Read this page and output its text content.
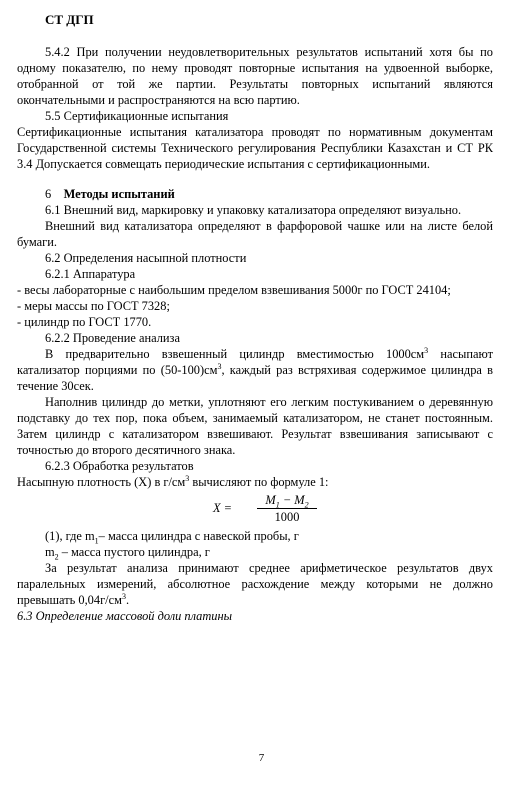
СТ ДГП

5.4.2 При получении неудовлетворительных результатов испытаний хотя бы по одному показателю, по нему проводят повторные испытания на удвоенной выборке, отобранной от той же партии. Результаты повторных испытаний являются окончательными и распространяются на всю партию.

5.5 Сертификационные испытания

Сертификационные испытания катализатора проводят по нормативным документам Государственной системы Технического регулирования Республики Казахстан и СТ РК 3.4 Допускается совмещать периодические испытания с сертификационными.

6 Методы испытаний

6.1 Внешний вид, маркировку и упаковку катализатора определяют визуально.

Внешний вид катализатора определяют в фарфоровой чашке или на листе белой бумаги.

6.2 Определения насыпной плотности

6.2.1 Аппаратура

- весы лабораторные с наибольшим пределом взвешивания 5000г по ГОСТ 24104;

- меры массы по ГОСТ 7328;

- цилиндр по ГОСТ 1770.

6.2.2 Проведение анализа

В предварительно взвешенный цилиндр вместимостью $1000см^3$ насыпают катализатор порциями по $(50-100)см^3$, каждый раз встряхивая содержимое цилиндра в течение 30сек.

Наполнив цилиндр до метки, уплотняют его легким постукиванием о деревянную подставку до тех пор, пока объем, занимаемый катализатором, не станет постоянным. Затем цилиндр с катализатором взвешивают. Результат взвешивания записывают с точностью до второго десятичного знака.

6.2.3 Обработка результатов

Насыпную плотность (X) в $г/см^3$ вычисляют по формуле 1:

$X = \frac{M_1 - M_2}{1000}$

(1), где $m_1-$ масса цилиндра с навеской пробы, г

$m_2$ – масса пустого цилиндра, г

За результат анализа принимают среднее арифметическое результатов двух паралельных измерений, абсолютное расхождение между которыми не должно превышать $0,04г/см^3$.

6.3 Определение массовой доли платины

7
